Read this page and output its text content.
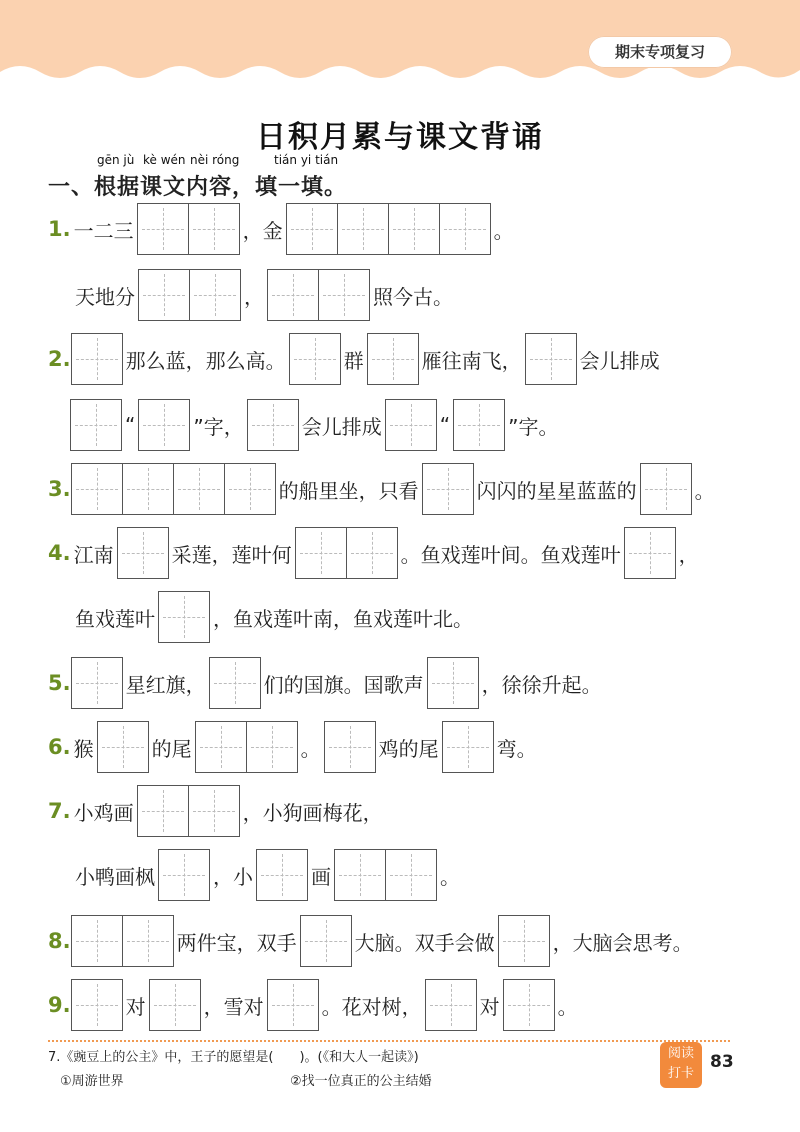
期末专项复习
日积月累与课文背诵
gēn jù kè wén nèi róng	tián yi tián
一、根据课文内容，填一填。
1. 一二三	，金	。
天地分	，	照今古。
2.	那么蓝，那么高。	群	雁往南飞，	会儿排成
“	”字，	会儿排成	“	”字。
3.	的船里坐，只看	闪闪的星星蓝蓝的	。
4. 江南	采莲，莲叶何	。鱼戏莲叶间。鱼戏莲叶	，
鱼戏莲叶	，鱼戏莲叶南，鱼戏莲叶北。
5.	星红旗，	们的国旗。国歌声	，徐徐升起。
6. 猴	的尾	。	鸡的尾	弯。
7. 小鸡画	，小狗画梅花，
小鸭画枫	，小	画	。
8.	两件宝，双手	大脑。双手会做	，大脑会思考。
9.	对	，雪对	。花对树，	对	。
7.《豌豆上的公主》中，王子的愿望是(　　)。(《和大人一起读》)
①周游世界	②找一位真正的公主结婚
阅读
打卡
83
